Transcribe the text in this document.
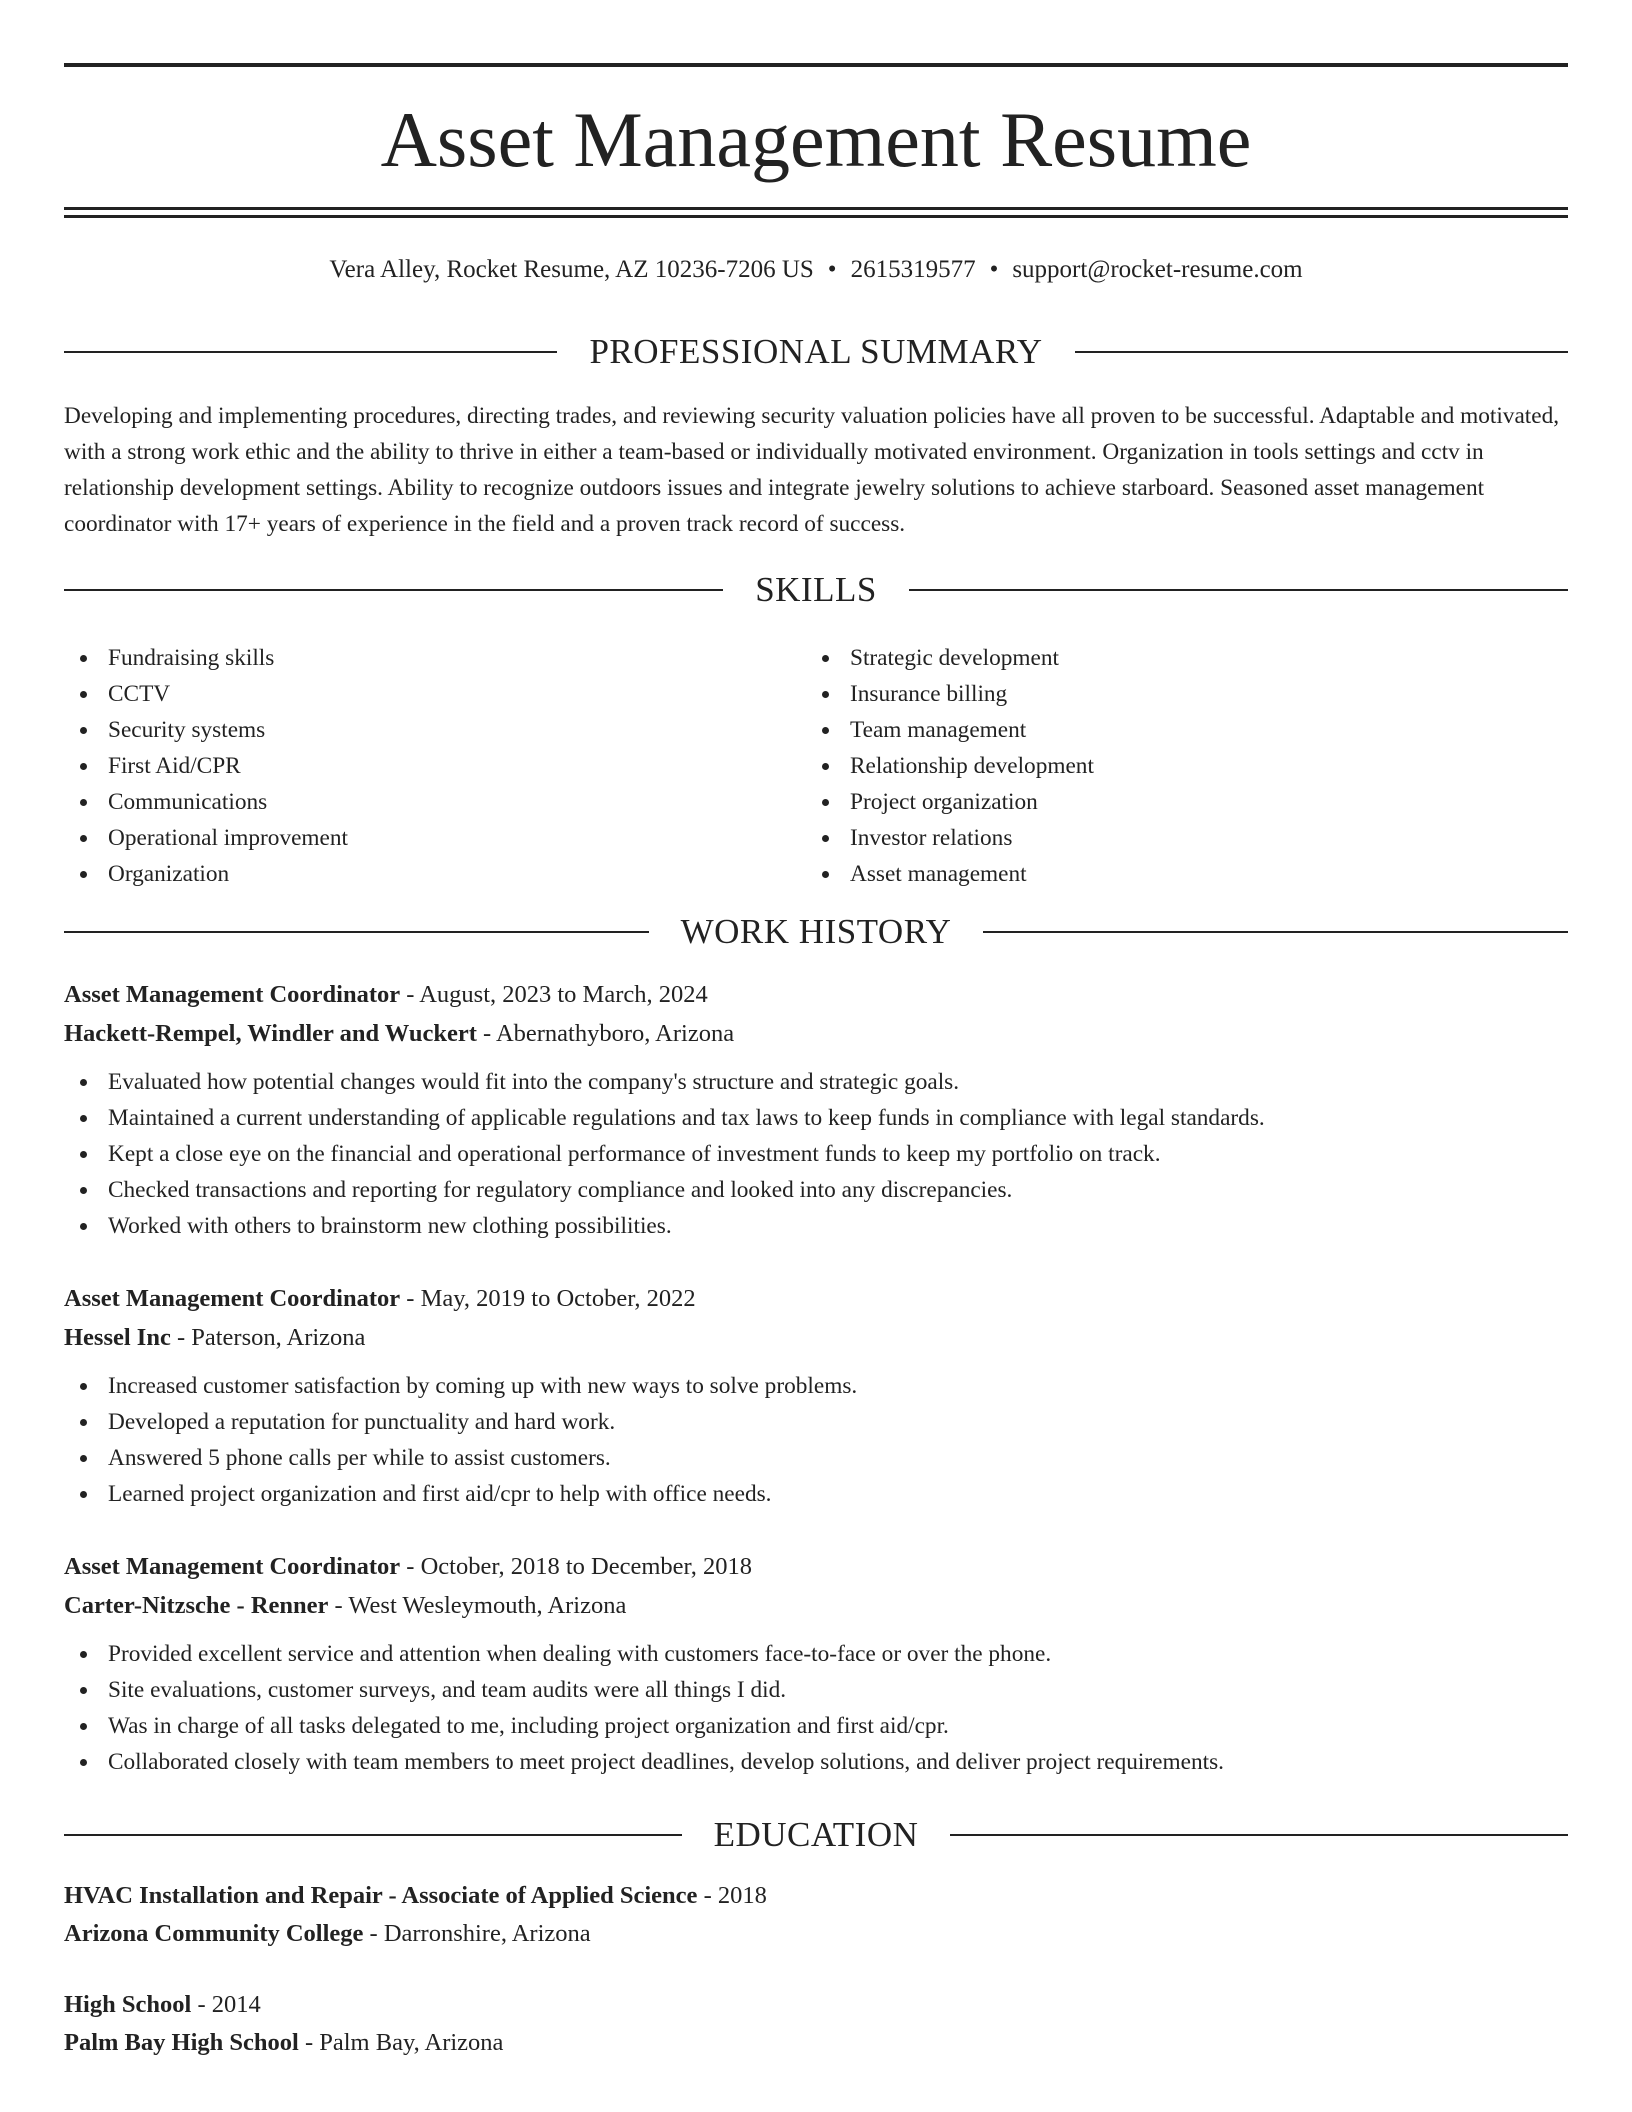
Asset Management Resume
Vera Alley, Rocket Resume, AZ 10236-7206 US • 2615319577 • support@rocket-resume.com
PROFESSIONAL SUMMARY

Developing and implementing procedures, directing trades, and reviewing security valuation policies have all proven to be successful. Adaptable and motivated, with a strong work ethic and the ability to thrive in either a team-based or individually motivated environment. Organization in tools settings and cctv in relationship development settings. Ability to recognize outdoors issues and integrate jewelry solutions to achieve starboard. Seasoned asset management coordinator with 17+ years of experience in the field and a proven track record of success.

SKILLS
Fundraising skills
CCTV
Security systems
First Aid/CPR
Communications
Operational improvement
Organization
Strategic development
Insurance billing
Team management
Relationship development
Project organization
Investor relations
Asset management
WORK HISTORY
Asset Management Coordinator - August, 2023 to March, 2024
Hackett-Rempel, Windler and Wuckert - Abernathyboro, Arizona
Evaluated how potential changes would fit into the company's structure and strategic goals.
Maintained a current understanding of applicable regulations and tax laws to keep funds in compliance with legal standards.
Kept a close eye on the financial and operational performance of investment funds to keep my portfolio on track.
Checked transactions and reporting for regulatory compliance and looked into any discrepancies.
Worked with others to brainstorm new clothing possibilities.
Asset Management Coordinator - May, 2019 to October, 2022
Hessel Inc - Paterson, Arizona
Increased customer satisfaction by coming up with new ways to solve problems.
Developed a reputation for punctuality and hard work.
Answered 5 phone calls per while to assist customers.
Learned project organization and first aid/cpr to help with office needs.
Asset Management Coordinator - October, 2018 to December, 2018
Carter-Nitzsche - Renner - West Wesleymouth, Arizona
Provided excellent service and attention when dealing with customers face-to-face or over the phone.
Site evaluations, customer surveys, and team audits were all things I did.
Was in charge of all tasks delegated to me, including project organization and first aid/cpr.
Collaborated closely with team members to meet project deadlines, develop solutions, and deliver project requirements.
EDUCATION
HVAC Installation and Repair - Associate of Applied Science - 2018
Arizona Community College - Darronshire, Arizona
High School - 2014
Palm Bay High School - Palm Bay, Arizona
